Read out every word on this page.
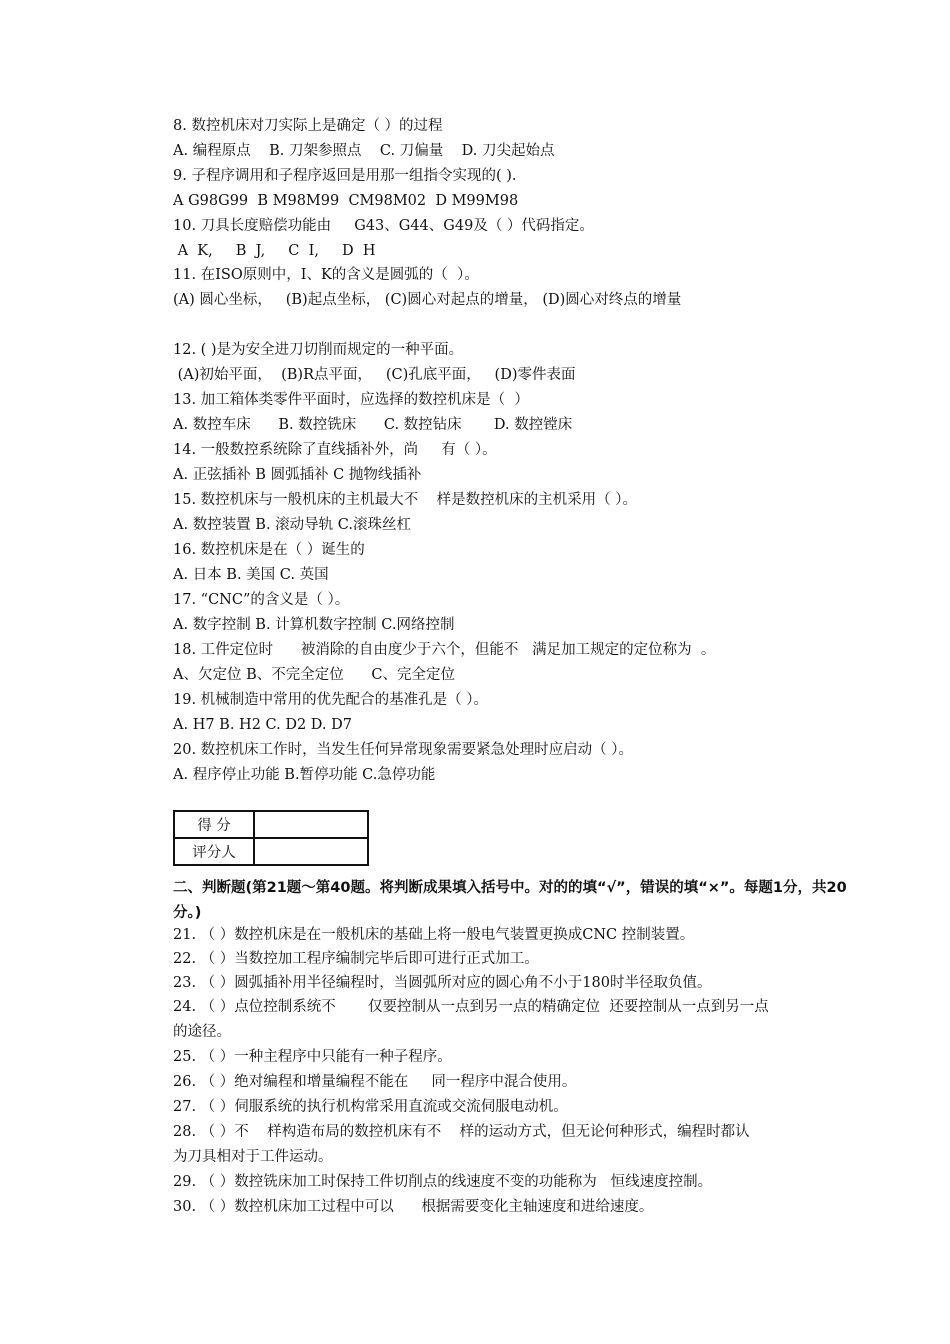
8. 数控机床对刀实际上是确定（ ）的过程
A. 编程原点    B. 刀架参照点    C. 刀偏量    D. 刀尖起始点
9. 子程序调用和子程序返回是用那一组指令实现的( ).
A G98G99  B M98M99  CM98M02  D M99M98
10. 刀具长度赔偿功能由     G43、G44、G49及（ ）代码指定。
A  K,     B  J,     C  I,     D  H
11. 在ISO原则中，I、K的含义是圆弧的（  ）。
(A) 圆心坐标，   (B)起点坐标， (C)圆心对起点的增量， (D)圆心对终点的增量
12. ( )是为安全进刀切削而规定的一种平面。
(A)初始平面，  (B)R点平面，   (C)孔底平面，   (D)零件表面
13. 加工箱体类零件平面时，应选择的数控机床是（  ）
A. 数控车床      B. 数控铣床      C. 数控钻床       D. 数控镗床
14. 一般数控系统除了直线插补外，尚     有（ ）。
A. 正弦插补 B 圆弧插补 C 抛物线插补
15. 数控机床与一般机床的主机最大不    样是数控机床的主机采用（ ）。
A. 数控装置 B. 滚动导轨 C.滚珠丝杠
16. 数控机床是在（ ）诞生的
A. 日本 B. 美国 C. 英国
17. “CNC”的含义是（ ）。
A. 数字控制 B. 计算机数字控制 C.网络控制
18. 工件定位时      被消除的自由度少于六个，但能不   满足加工规定的定位称为  。
A、欠定位 B、不完全定位      C、完全定位
19. 机械制造中常用的优先配合的基准孔是（ ）。
A. H7 B. H2 C. D2 D. D7
20. 数控机床工作时，当发生任何异常现象需要紧急处理时应启动（ ）。
A. 程序停止功能 B.暂停功能 C.急停功能
得 分	
评分人	
二、判断题(第21题～第40题。将判断成果填入括号中。对的的填“√”，错误的填“×”。每题1分，共20分。)
21. （ ）数控机床是在一般机床的基础上将一般电气装置更换成CNC 控制装置。
22. （ ）当数控加工程序编制完毕后即可进行正式加工。
23. （ ）圆弧插补用半径编程时，当圆弧所对应的圆心角不小于180时半径取负值。
24. （ ）点位控制系统不       仅要控制从一点到另一点的精确定位  还要控制从一点到另一点
的途径。
25. （ ）一种主程序中只能有一种子程序。
26. （ ）绝对编程和增量编程不能在     同一程序中混合使用。
27. （ ）伺服系统的执行机构常采用直流或交流伺服电动机。
28. （ ）不    样构造布局的数控机床有不    样的运动方式，但无论何种形式，编程时都认
为刀具相对于工件运动。
29. （ ）数控铣床加工时保持工件切削点的线速度不变的功能称为   恒线速度控制。
30. （ ）数控机床加工过程中可以      根据需要变化主轴速度和进给速度。
